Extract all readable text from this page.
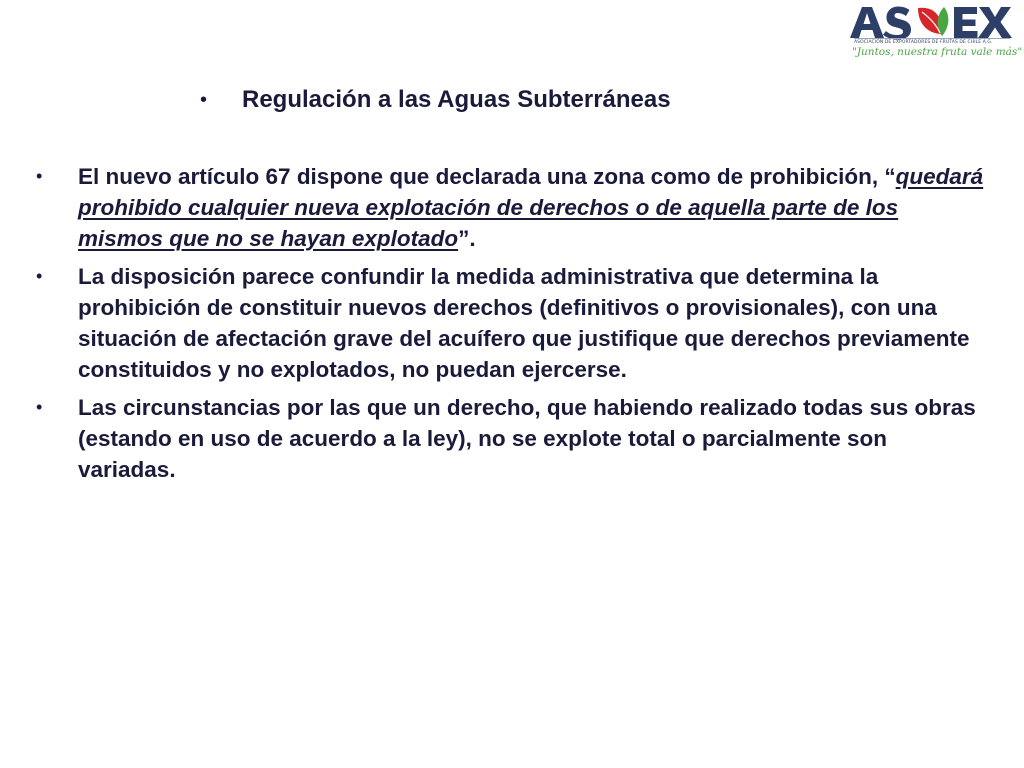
ASOCIACIÓN DE EXPORTADORES DE FRUTAS DE CHILE A.G.
"Juntos, nuestra fruta vale más"
•	Regulación a las Aguas Subterráneas
• El nuevo artículo 67 dispone que declarada una zona como de prohibición, “quedará prohibido cualquier nueva explotación de derechos o de aquella parte de los mismos que no se hayan explotado”.
• La disposición parece confundir la medida administrativa que determina la prohibición de constituir nuevos derechos (definitivos o provisionales), con una situación de afectación grave del acuífero que justifique que derechos previamente constituidos y no explotados, no puedan ejercerse.
• Las circunstancias por las que un derecho, que habiendo realizado todas sus obras (estando en uso de acuerdo a la ley), no se explote total o parcialmente son variadas.
